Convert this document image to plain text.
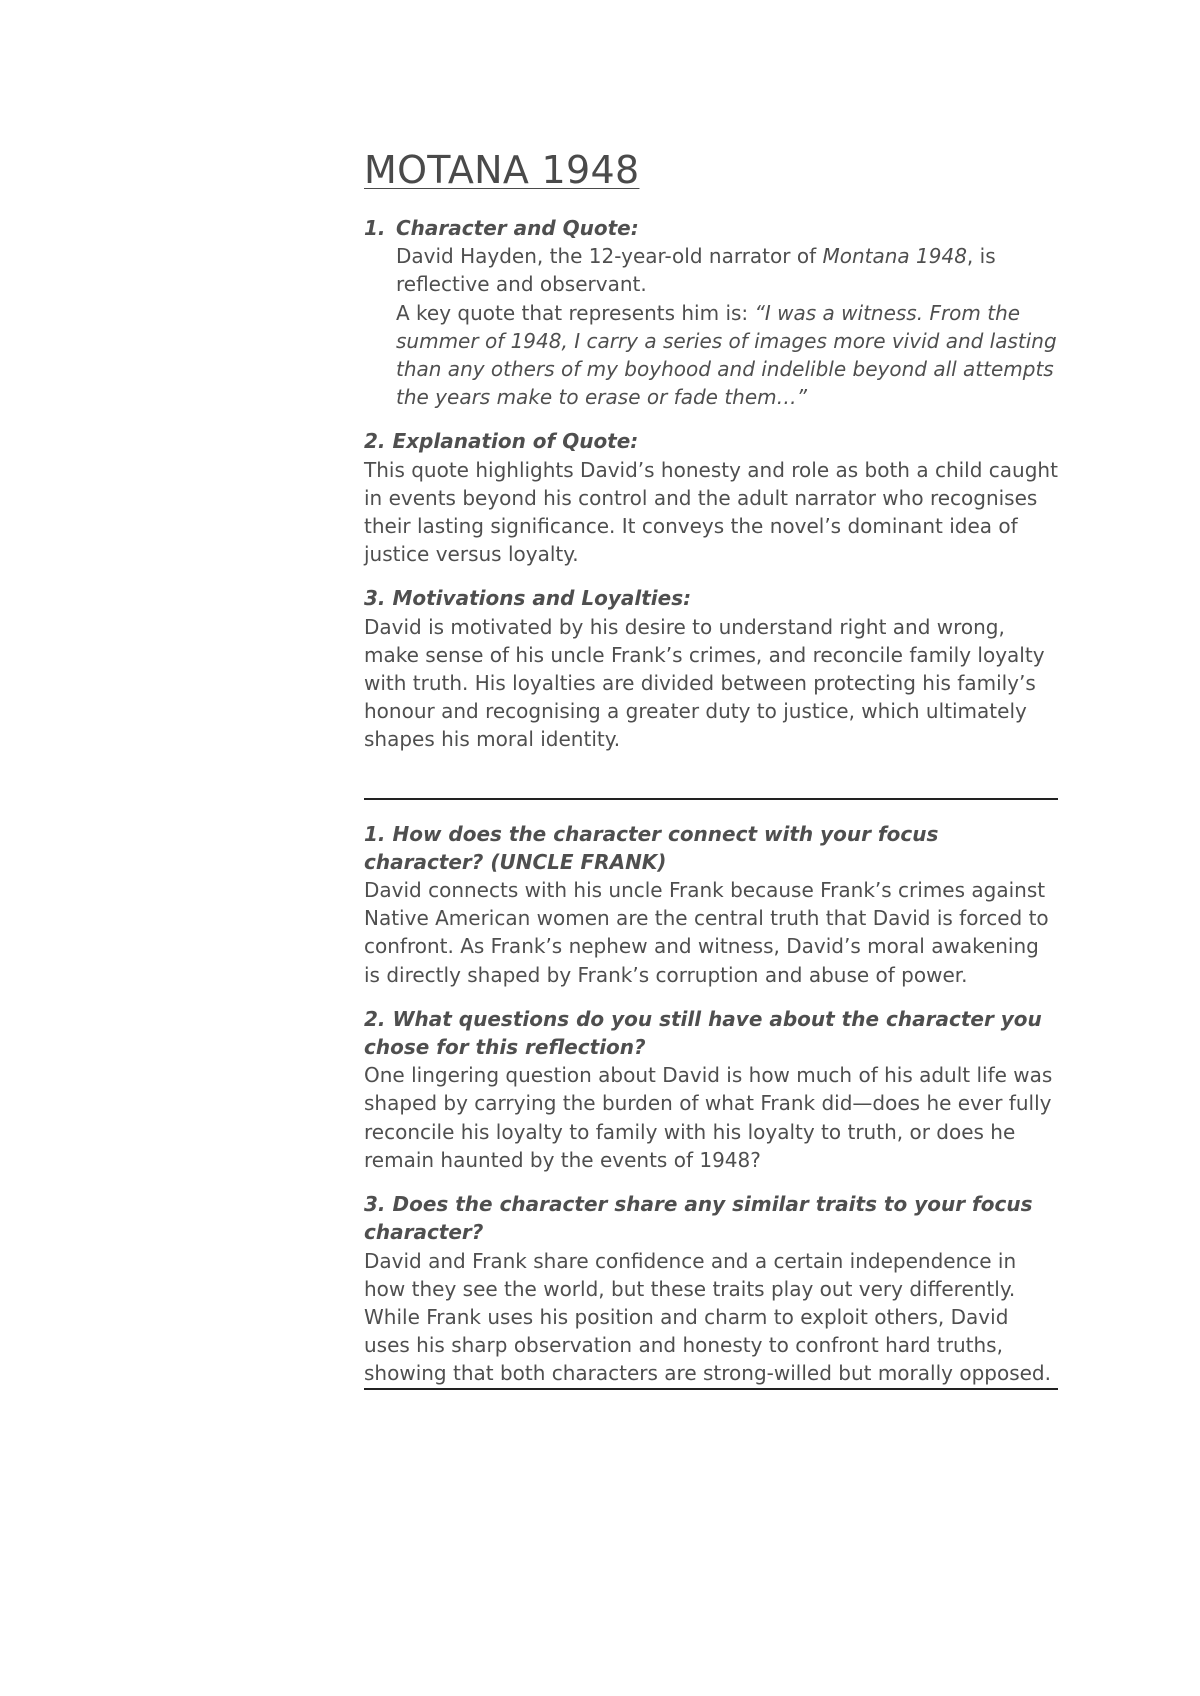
MOTANA 1948
1. Character and Quote:

David Hayden, the 12-year-old narrator of Montana 1948, is reflective and observant.

A key quote that represents him is: “I was a witness. From the summer of 1948, I carry a series of images more vivid and lasting than any others of my boyhood and indelible beyond all attempts the years make to erase or fade them…”

2. Explanation of Quote:

This quote highlights David’s honesty and role as both a child caught in events beyond his control and the adult narrator who recognises their lasting significance. It conveys the novel’s dominant idea of justice versus loyalty.

3. Motivations and Loyalties:

David is motivated by his desire to understand right and wrong, make sense of his uncle Frank’s crimes, and reconcile family loyalty with truth. His loyalties are divided between protecting his family’s honour and recognising a greater duty to justice, which ultimately shapes his moral identity.

1. How does the character connect with your focus character? (UNCLE FRANK)

David connects with his uncle Frank because Frank’s crimes against Native American women are the central truth that David is forced to confront. As Frank’s nephew and witness, David’s moral awakening is directly shaped by Frank’s corruption and abuse of power.

2. What questions do you still have about the character you chose for this reflection?

One lingering question about David is how much of his adult life was shaped by carrying the burden of what Frank did—does he ever fully reconcile his loyalty to family with his loyalty to truth, or does he remain haunted by the events of 1948?

3. Does the character share any similar traits to your focus character?

David and Frank share confidence and a certain independence in how they see the world, but these traits play out very differently. While Frank uses his position and charm to exploit others, David uses his sharp observation and honesty to confront hard truths, showing that both characters are strong-willed but morally opposed.
